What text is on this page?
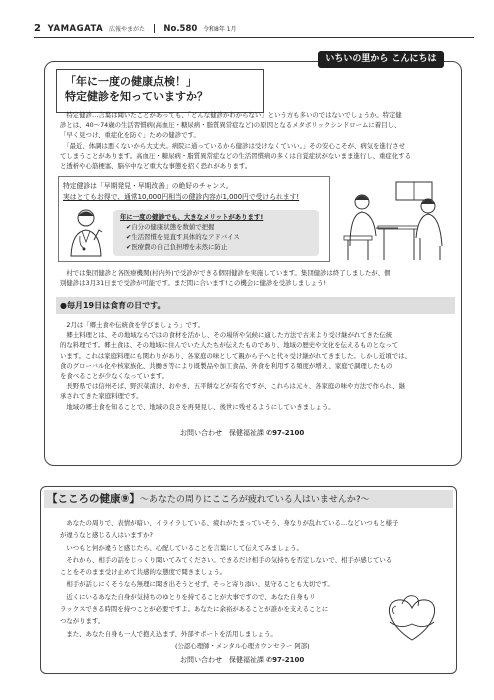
2 YAMAGATA 広報やまがた No.580 令和8年 1月
いちいの里から こんにちは
「年に一度の健康点検！」
特定健診を知っていますか？
　特定健診…言葉は聞いたことがあっても、「どんな健診かわからない」という方も多いのではないでしょうか。特定健
診とは、40～74歳の生活習慣病(高血圧・糖尿病・脂質異常症など)の原因となるメタボリックシンドロームに着目し、
「早く見つけ、重症化を防ぐ」ための健診です。
　「最近、体調は悪くないから大丈夫。病院に通っているから健診は受けなくていい。」その安心こそが、病気を進行させ
てしまうことがあります。高血圧・糖尿病・脂質異常症などの生活習慣病の多くは自覚症状がないまま進行し、重症化する
と透析や心筋梗塞、脳卒中など重大な事態を招く恐れがあります。
特定健診は「早期発見・早期改善」の絶好のチャンス。
実はとてもお得で、通常10,000円相当の健診内容が1,000円で受けられます!
年に一度の健診でも、大きなメリットがあります!
✔自分の健康状態を数値で把握
✔生活習慣を見直す具体的なアドバイス
✔医療費の自己負担増を未然に防止
　村では集団健診と各医療機関(村内外)で受診ができる個別健診を実施しています。集団健診は終了しましたが、個
別健診は3月31日まで受診が可能です。まだ間に合います!この機会に健診を受診しましょう!
●毎月19日は食育の日です。
　2月は「郷土食や伝統食を学びましょう」です。
　郷土料理とは、その地域ならではの食材を活かし、その場所や気候に適した方法で古来より受け継がれてきた伝統
的な料理です。郷土食は、その地域に住んでいた人たちが伝えたものであり、地域の歴史や文化を伝えるものとなって
います。これは家庭料理にも関わりがあり、各家庭の味として親から子へと代々受け継がれてきました。しかし近頃では、
食のグローバル化や核家族化、共働き等により既製品や加工食品、外食を利用する頻度が増え、家庭で調理したもの
を食べることが少なくなっています。
　長野県では信州そば、野沢菜漬け、おやき、五平餅などが有名ですが、これらは元々、各家庭の味や方法で作られ、継
承されてきた家庭料理です。
　地域の郷土食を知ることで、地域の良さを再発見し、後世に残せるようにしていきましょう。
お問い合わせ　保健福祉課 ✆97-2100
【こころの健康⑨】～あなたの周りにこころが疲れている人はいませんか?～
　あなたの周りで、表情が暗い、イライラしている、疲れがたまっていそう、身なりが乱れている…などいつもと様子
が違うなと感じる人はいますか?
　いつもと何か違うと感じたら、心配していることを言葉にして伝えてみましょう。
　それから、相手の話をじっくり聞いてみてください。できるだけ相手の気持ちを否定しないで、相手が感じている
ことをそのまま受け止めて共感的な態度で聞きましょう。
　相手が話しにくそうなら無理に聞き出そうとせず、そっと寄り添い、見守ることも大切です。
　近くにいるあなた自身が気持ちのゆとりを持てることが大事ですので、あなた自身もリ
ラックスできる時間を持つことが必要ですよ。あなたに余裕があることが誰かを支えることに
つながります。
　また、あなた自身も一人で抱え込まず、外部サポートを活用しましょう。
　　　　　　　　　　　　　　　　　　(公認心理師・メンタル心理カウンセラー 阿部)
お問い合わせ　保健福祉課 ✆97-2100
